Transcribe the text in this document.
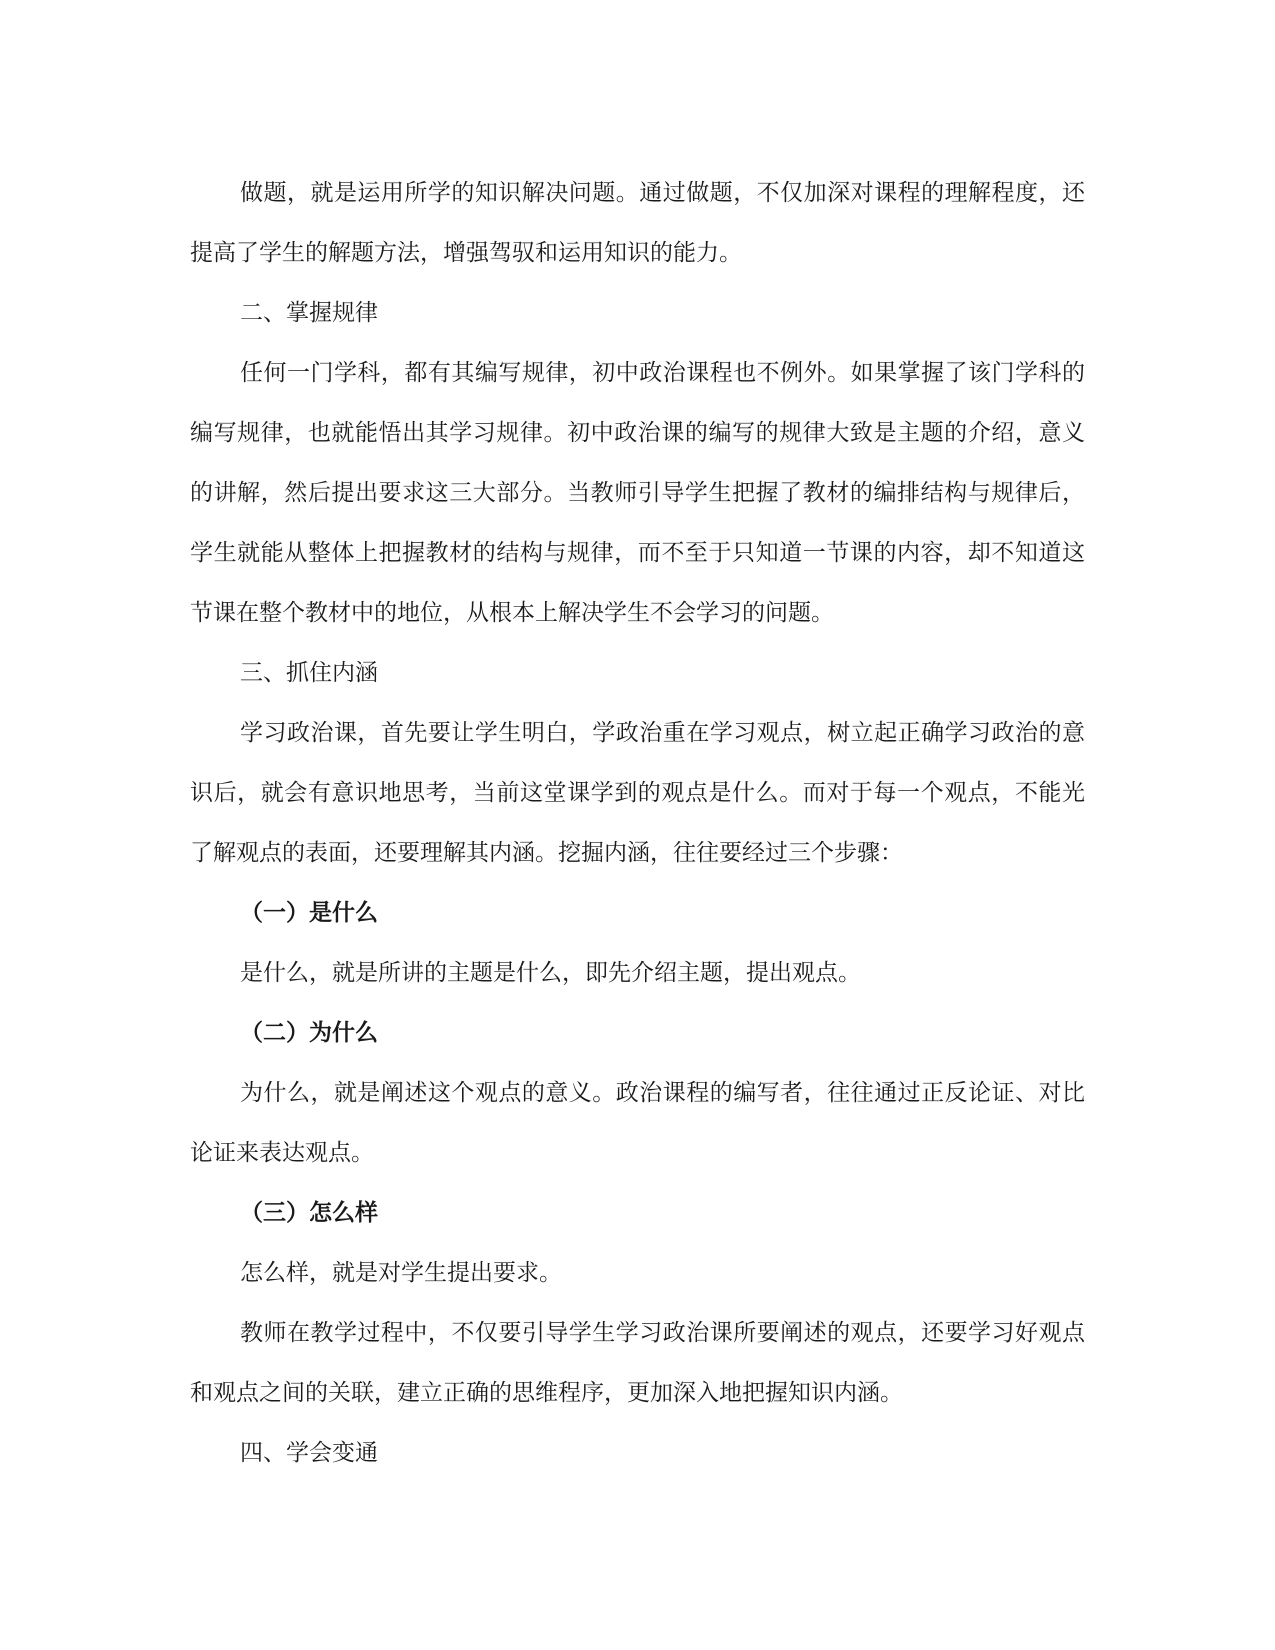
做题，就是运用所学的知识解决问题。通过做题，不仅加深对课程的理解程度，还提高了学生的解题方法，增强驾驭和运用知识的能力。

二、掌握规律

任何一门学科，都有其编写规律，初中政治课程也不例外。如果掌握了该门学科的编写规律，也就能悟出其学习规律。初中政治课的编写的规律大致是主题的介绍，意义的讲解，然后提出要求这三大部分。当教师引导学生把握了教材的编排结构与规律后，学生就能从整体上把握教材的结构与规律，而不至于只知道一节课的内容，却不知道这节课在整个教材中的地位，从根本上解决学生不会学习的问题。

三、抓住内涵

学习政治课，首先要让学生明白，学政治重在学习观点，树立起正确学习政治的意识后，就会有意识地思考，当前这堂课学到的观点是什么。而对于每一个观点，不能光了解观点的表面，还要理解其内涵。挖掘内涵，往往要经过三个步骤：

（一）是什么

是什么，就是所讲的主题是什么，即先介绍主题，提出观点。

（二）为什么

为什么，就是阐述这个观点的意义。政治课程的编写者，往往通过正反论证、对比论证来表达观点。

（三）怎么样

怎么样，就是对学生提出要求。

教师在教学过程中，不仅要引导学生学习政治课所要阐述的观点，还要学习好观点和观点之间的关联，建立正确的思维程序，更加深入地把握知识内涵。

四、学会变通
